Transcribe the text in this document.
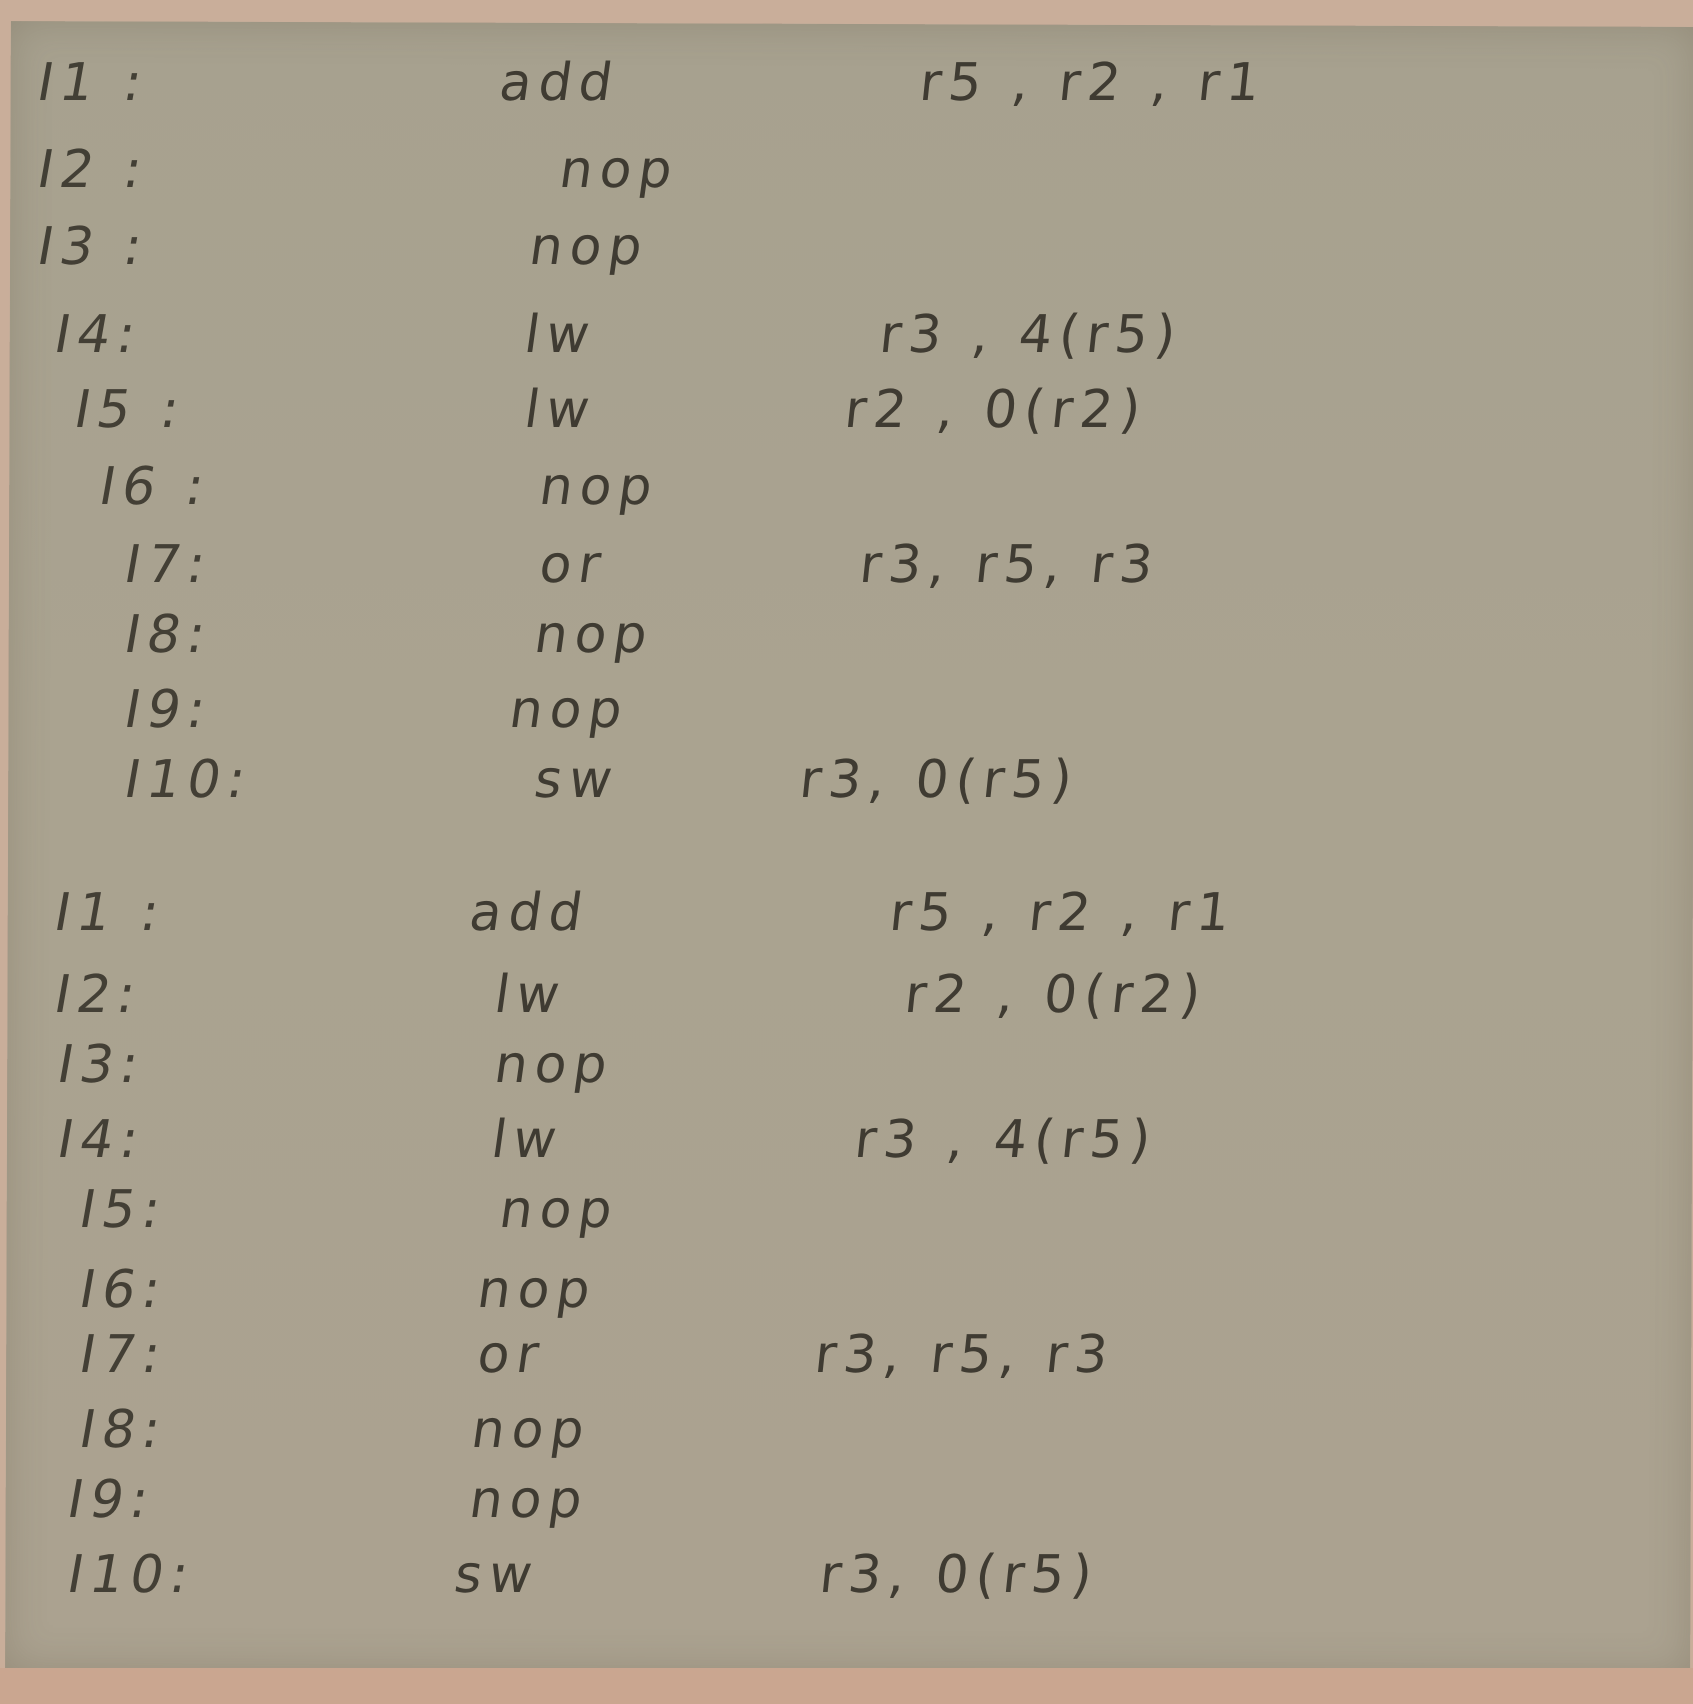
I1 :	add	r5 , r2 , r1
I2 :	nop
I3 :	nop
I4:	lw	r3 , 4(r5)
I5 :	lw	r2 , 0(r2)
I6 :	nop
I7:	or	r3, r5, r3
I8:	nop
I9:	nop
I10:	sw	r3, 0(r5)
I1 :	add	r5 , r2 , r1
I2:	lw	r2 , 0(r2)
I3:	nop
I4:	lw	r3 , 4(r5)
I5:	nop
I6:	nop
I7:	or	r3, r5, r3
I8:	nop
I9:	nop
I10:	sw	r3, 0(r5)
